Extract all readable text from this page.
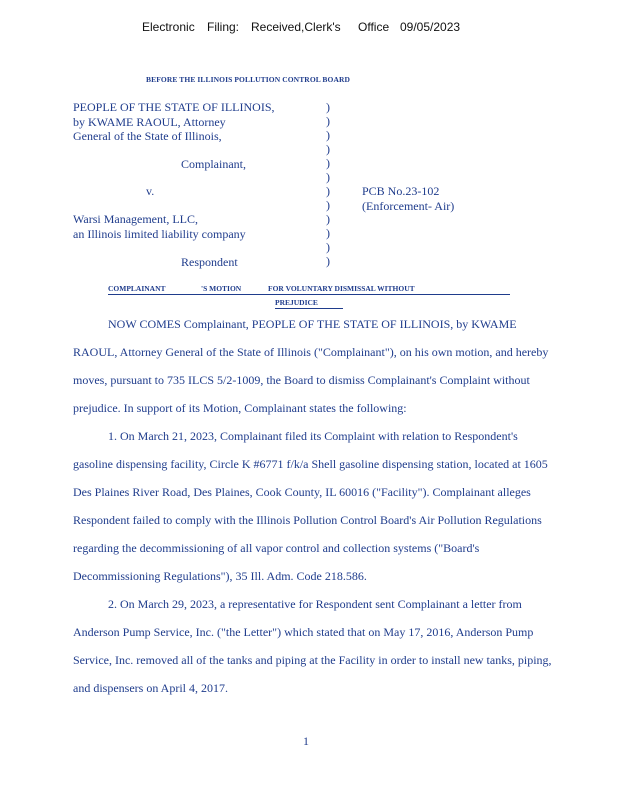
Electronic Filing: Received,Clerk's Office 09/05/2023
BEFORE THE ILLINOIS POLLUTION CONTROL BOARD
PEOPLE OF THE STATE OF ILLINOIS,
by KWAME RAOUL, Attorney
General of the State of Illinois,
Complainant,
v.	PCB No.23-102
(Enforcement- Air)
Warsi Management, LLC,
an Illinois limited liability company
Respondent
)
)
)
)
)
)
)
)
)
)
)
)
COMPLAINANT	'S MOTION	FOR VOLUNTARY DISMISSAL WITHOUT
PREJUDICE
NOW COMES Complainant, PEOPLE OF THE STATE OF ILLINOIS, by KWAME
RAOUL, Attorney General of the State of Illinois ("Complainant"), on his own motion, and hereby
moves, pursuant to 735 ILCS 5/2-1009, the Board to dismiss Complainant's Complaint without
prejudice. In support of its Motion, Complainant states the following:
1. On March 21, 2023, Complainant filed its Complaint with relation to Respondent's
gasoline dispensing facility, Circle K #6771 f/k/a Shell gasoline dispensing station, located at 1605
Des Plaines River Road, Des Plaines, Cook County, IL 60016 ("Facility"). Complainant alleges
Respondent failed to comply with the Illinois Pollution Control Board's Air Pollution Regulations
regarding the decommissioning of all vapor control and collection systems ("Board's
Decommissioning Regulations"), 35 Ill. Adm. Code 218.586.
2. On March 29, 2023, a representative for Respondent sent Complainant a letter from
Anderson Pump Service, Inc. ("the Letter") which stated that on May 17, 2016, Anderson Pump
Service, Inc. removed all of the tanks and piping at the Facility in order to install new tanks, piping,
and dispensers on April 4, 2017.
1
